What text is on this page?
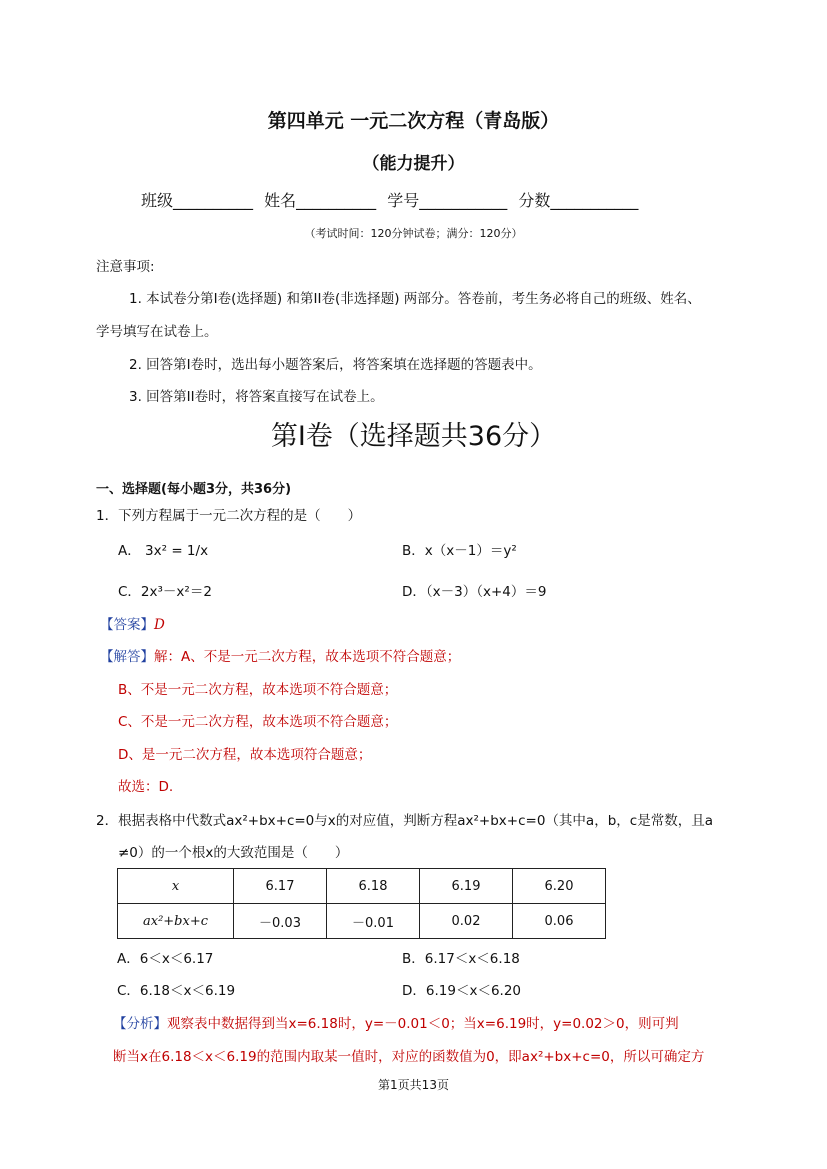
第四单元 一元二次方程（青岛版）
（能力提升）
班级__________ 姓名__________ 学号___________ 分数___________
（考试时间：120分钟试卷；满分：120分）
注意事项:
1. 本试卷分第I卷(选择题) 和第II卷(非选择题) 两部分。答卷前，考生务必将自己的班级、姓名、
学号填写在试卷上。
2. 回答第I卷时，选出每小题答案后，将答案填在选择题的答题表中。
3. 回答第II卷时，将答案直接写在试卷上。
第I卷（选择题共36分）
一、选择题(每小题3分，共36分)
1．下列方程属于一元二次方程的是（　　）
A． 3x² = 1/x	B．x（x－1）＝y²
C．2x³－x²＝2	D．（x－3）（x+4）＝9
【答案】D
【解答】解：A、不是一元二次方程，故本选项不符合题意；
B、不是一元二次方程，故本选项不符合题意；
C、不是一元二次方程，故本选项不符合题意；
D、是一元二次方程，故本选项符合题意；
故选：D.
2．根据表格中代数式ax²+bx+c=0与x的对应值，判断方程ax²+bx+c=0（其中a，b，c是常数，且a
≠0）的一个根x的大致范围是（　　）
x	6.17	6.18	6.19	6.20
ax²+bx+c	－0.03	－0.01	0.02	0.06
A．6＜x＜6.17	B．6.17＜x＜6.18
C．6.18＜x＜6.19	D．6.19＜x＜6.20
【分析】观察表中数据得到当x=6.18时，y=－0.01＜0；当x=6.19时，y=0.02＞0，则可判
断当x在6.18＜x＜6.19的范围内取某一值时，对应的函数值为0，即ax²+bx+c=0，所以可确定方
第1页共13页
